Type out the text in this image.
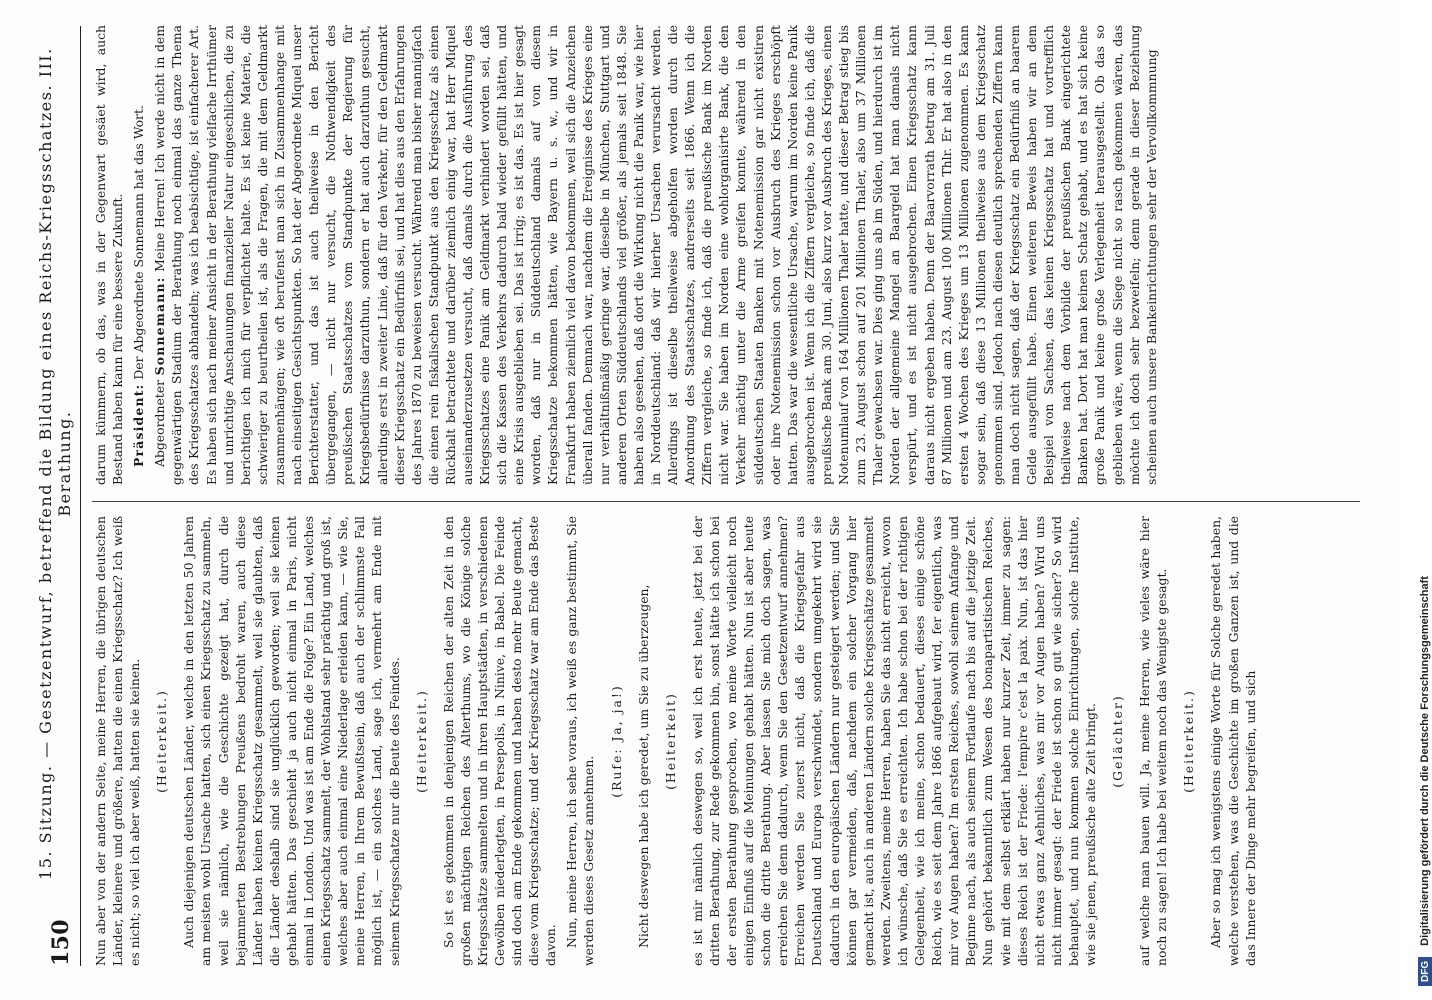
150
15. Sitzung. — Gesetzentwurf, betreffend die Bildung eines Reichs-Kriegsschatzes. III. Berathung.

Nun aber von der andern Seite, meine Herren, die übrigen deutschen Länder, kleinere und größere, hatten die einen Kriegsschatz? Ich weiß es nicht; so viel ich aber weiß, hatten sie keinen. (Heiterkeit.) Auch diejenigen deutschen Länder, welche in den letzten 50 Jahren am meisten wohl Ursache hatten, sich einen Kriegsschatz zu sammeln, weil sie nämlich, wie die Geschichte gezeigt hat, durch die bejammerten Bestrebungen Preußens bedroht waren, auch diese Länder haben keinen Kriegsschatz gesammelt, weil sie glaubten, daß die Länder deshalb sind sie unglücklich geworden; weil sie keinen gehabt hätten. Das geschieht ja auch nicht einmal in Paris, nicht einmal in London. Und was ist am Ende die Folge? Ein Land, welches einen Kriegsschatz sammelt, der Wohlstand sehr prächtig und groß ist, welches aber auch einmal eine Niederlage erleiden kann, — wie Sie, meine Herren, in Ihrem Bewußtsein, daß auch der schlimmste Fall möglich ist, — ein solches Land, sage ich, vermehrt am Ende mit seinem Kriegsschatze nur die Beute des Feindes. (Heiterkeit.) So ist es gekommen in denjenigen Reichen der alten Zeit in den großen mächtigen Reichen des Alterthums, wo die Könige solche Kriegsschätze sammelten und in ihren Hauptstädten, in verschiedenen Gewölben niederlegten, in Persepolis, in Ninive, in Babel. Die Feinde sind doch am Ende gekommen und haben desto mehr Beute gemacht, diese vom Kriegsschatze; und der Kriegsschatz war am Ende das Beste davon. Nun, meine Herren, ich sehe voraus, ich weiß es ganz bestimmt, Sie werden dieses Gesetz annehmen.

(Rufe: Ja, ja!) Nicht deswegen habe ich geredet, um Sie zu überzeugen, (Heiterkeit) es ist mir nämlich deswegen so, weil ich erst heute, jetzt bei der dritten Berathung, zur Rede gekommen bin, sonst hätte ich schon bei der ersten Berathung gesprochen, wo meine Worte vielleicht noch einigen Einfluß auf die Meinungen gehabt hätten. Nun ist aber heute schon die dritte Berathung. Aber lassen Sie mich doch sagen, was erreichen Sie denn dadurch, wenn Sie den Gesetzentwurf annehmen? Erreichen werden Sie zuerst nicht, daß die Kriegsgefahr aus Deutschland und Europa verschwindet, sondern umgekehrt wird sie dadurch in den europäischen Ländern nur gesteigert werden; und Sie können gar vermeiden, daß, nachdem ein solcher Vorgang hier gemacht ist, auch in anderen Ländern solche Kriegsschätze gesammelt werden. Zweitens, meine Herren, haben Sie das nicht erreicht, wovon ich wünsche, daß Sie es erreichten. Ich habe schon bei der richtigen Gelegenheit, wie ich meine, schon bedauert, dieses einige schöne Reich, wie es seit dem Jahre 1866 aufgebaut wird, fer eigentlich, was mir vor Augen haben? Im ersten Reiches, sowohl seinem Anfange und Beginne nach, als auch seinem Fortlaufe nach bis auf die jetzige Zeit. Nun gehört bekanntlich zum Wesen des bonapartistischen Reiches, wie mit dem selbst erklärt haben nur kurzer Zeit, immer zu sagen: dieses Reich ist der Friede: l'empire c'est la paix. Nun, ist das hier nicht etwas ganz Aehnliches, was mir vor Augen haben? Wird uns nicht immer gesagt: der Friede ist schon so gut wie sicher? So wird behauptet, und nun kommen solche Einrichtungen, solche Institute, wie sie jenen, preußische alte Zeit bringt. (Gelächter) auf welche man bauen will. Ja, meine Herren, wie vieles wäre hier noch zu sagen! Ich habe bei weitem noch das Wenigste gesagt. (Heiterkeit.) Aber so mag ich wenigstens einige Worte für Solche geredet haben, welche verstehen, was die Geschichte im großen Ganzen ist, und die das Innere der Dinge mehr begreifen, und sich

darum kümmern, ob das, was in der Gegenwart gesäet wird, auch Bestand haben kann für eine bessere Zukunft. Präsident: Der Abgeordnete Sonnemann hat das Wort.

Abgeordneter Sonnemann: Meine Herren! Ich werde nicht in dem gegenwärtigen Stadium der Berathung noch einmal das ganze Thema des Kriegsschatzes abhandeln; was ich beabsichtige, ist einfacherer Art. Es haben sich nach meiner Ansicht in der Berathung vielfache Irrthümer und unrichtige Anschauungen finanzieller Natur eingeschlichen, die zu berichtigen ich mich für verpflichtet halte. Es ist keine Materie, die schwieriger zu beurtheilen ist, als die Fragen, die mit dem Geldmarkt zusammenhängen; wie oft berufenst man sich in Zusammenhange mit nach einseitigen Gesichtspunkten. So hat der Abgeordnete Miquel unser Berichterstatter, und das ist auch theilweise in den Bericht übergegangen, — nicht nur versucht, die Nothwendigkeit des preußischen Staatsschatzes vom Standpunkte der Regierung für Kriegsbedürfnisse darzuthun, sondern er hat auch darzuthun gesucht, allerdings erst in zweiter Linie, daß für den Verkehr, für den Geldmarkt dieser Kriegsschatz ein Bedürfniß sei, und hat dies aus den Erfahrungen des Jahres 1870 zu beweisen versucht. Während man bisher mannigfach die einen rein fiskalischen Standpunkt aus den Kriegsschatz als einen Rückhalt betrachtete und darüber ziemlich einig war, hat Herr Miquel auseinanderzusetzen versucht, daß damals durch die Ausführung des Kriegsschatzes eine Panik am Geldmarkt verhindert worden sei, daß sich die Kassen des Verkehrs dadurch bald wieder gefüllt hätten, und eine Krisis ausgeblieben sei. Das ist irrig; es ist das. Es ist hier gesagt worden, daß nur in Süddeutschland damals auf von diesem Kriegsschatze bekommen hätten, wie Bayern u. s. w., und wir in Frankfurt haben ziemlich viel davon bekommen, weil sich die Anzeichen überall fanden. Demnach war, nachdem die Ereignisse des Krieges eine nur verhältnißmäßig geringe war, dieselbe in München, Stuttgart und anderen Orten Süddeutschlands viel größer, als jemals seit 1848. Sie haben also gesehen, daß dort die Wirkung nicht die Panik war, wie hier in Norddeutschland: daß wir hierher Ursachen verursacht werden. Allerdings ist dieselbe theilweise abgeholfen worden durch die Anordnung des Staatsschatzes, andrerseits seit 1866. Wenn ich die Ziffern vergleiche, so finde ich, daß die preußische Bank im Norden nicht war. Sie haben im Norden eine wohlorganisirte Bank, die den Verkehr mächtig unter die Arme greifen konnte, während in den süddeutschen Staaten Banken mit Notenemission gar nicht existiren oder ihre Notenemission schon vor Ausbruch des Krieges erschöpft hatten. Das war die wesentliche Ursache, warum im Norden keine Panik ausgebrochen ist. Wenn ich die Ziffern vergleiche, so finde ich, daß die preußische Bank am 30. Juni, also kurz vor Ausbruch des Krieges, einen Notenumlauf von 164 Millionen Thaler hatte, und dieser Betrag stieg bis zum 23. August schon auf 201 Millionen Thaler, also um 37 Millionen Thaler gewachsen war. Dies ging uns ab im Süden, und hierdurch ist im Norden der allgemeine Mangel an Baargeld hat man damals nicht verspürt, und es ist nicht ausgebrochen. Einen Kriegsschatz kann daraus nicht ergeben haben. Denn der Baarvorrath betrug am 31. Juli 87 Millionen und am 23. August 100 Millionen Thlr. Er hat also in den ersten 4 Wochen des Krieges um 13 Millionen zugenommen. Es kann sogar sein, daß diese 13 Millionen theilweise aus dem Kriegsschatz genommen sind. Jedoch nach diesen deutlich sprechenden Ziffern kann man doch nicht sagen, daß der Kriegsschatz ein Bedürfniß an baarem Gelde ausgefüllt habe. Einen weiteren Beweis haben wir an dem Beispiel von Sachsen, das keinen Kriegsschatz hat und vortrefflich theilweise nach dem Vorbilde der preußischen Bank eingerichtete Banken hat. Dort hat man keinen Schatz gehabt, und es hat sich keine große Panik und keine große Verlegenheit herausgestellt. Ob das so geblieben wäre, wenn die Siege nicht so rasch gekommen wären, das möchte ich doch sehr bezweifeln; denn gerade in dieser Beziehung scheinen auch unsere Bankeinrichtungen sehr der Vervollkommnung

DFG Digitalisierung gefördert durch die Deutsche Forschungsgemeinschaft
